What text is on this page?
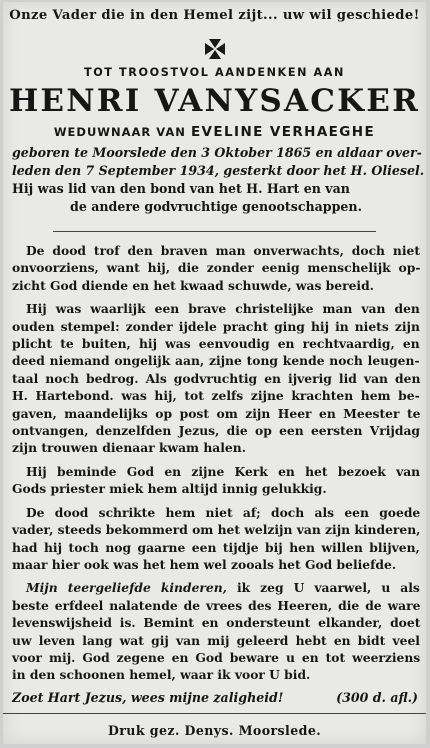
Onze Vader die in den Hemel zijt... uw wil geschiede!
TOT TROOSTVOL AANDENKEN AAN
HENRI VANYSACKER
WEDUWNAAR VAN EVELINE VERHAEGHE
geboren te Moorslede den 3 Oktober 1865 en aldaar over-
leden den 7 September 1934, gesterkt door het H. Oliesel.
Hij was lid van den bond van het H. Hart en van
de andere godvruchtige genootschappen.
De dood trof den braven man onverwachts, doch niet
onvoorziens, want hij, die zonder eenig menschelijk op-
zicht God diende en het kwaad schuwde, was bereid.
Hij was waarlijk een brave christelijke man van den
ouden stempel: zonder ijdele pracht ging hij in niets zijn
plicht te buiten, hij was eenvoudig en rechtvaardig, en
deed niemand ongelijk aan, zijne tong kende noch leugen-
taal noch bedrog. Als godvruchtig en ijverig lid van den
H. Hartebond. was hij, tot zelfs zijne krachten hem be-
gaven, maandelijks op post om zijn Heer en Meester te
ontvangen, denzelfden Jezus, die op een eersten Vrijdag
zijn trouwen dienaar kwam halen.
Hij beminde God en zijne Kerk en het bezoek van
Gods priester miek hem altijd innig gelukkig.
De dood schrikte hem niet af; doch als een goede
vader, steeds bekommerd om het welzijn van zijn kinderen,
had hij toch nog gaarne een tijdje bij hen willen blijven,
maar hier ook was het hem wel zooals het God beliefde.
Mijn teergeliefde kinderen, ik zeg U vaarwel, u als
beste erfdeel nalatende de vrees des Heeren, die de ware
levenswijsheid is. Bemint en ondersteunt elkander, doet
uw leven lang wat gij van mij geleerd hebt en bidt veel
voor mij. God zegene en God beware u en tot weerziens
in den schoonen hemel, waar ik voor U bid.
Zoet Hart Jezus, wees mijne zaligheid!	(300 d. afl.)
Druk gez. Denys. Moorslede.
